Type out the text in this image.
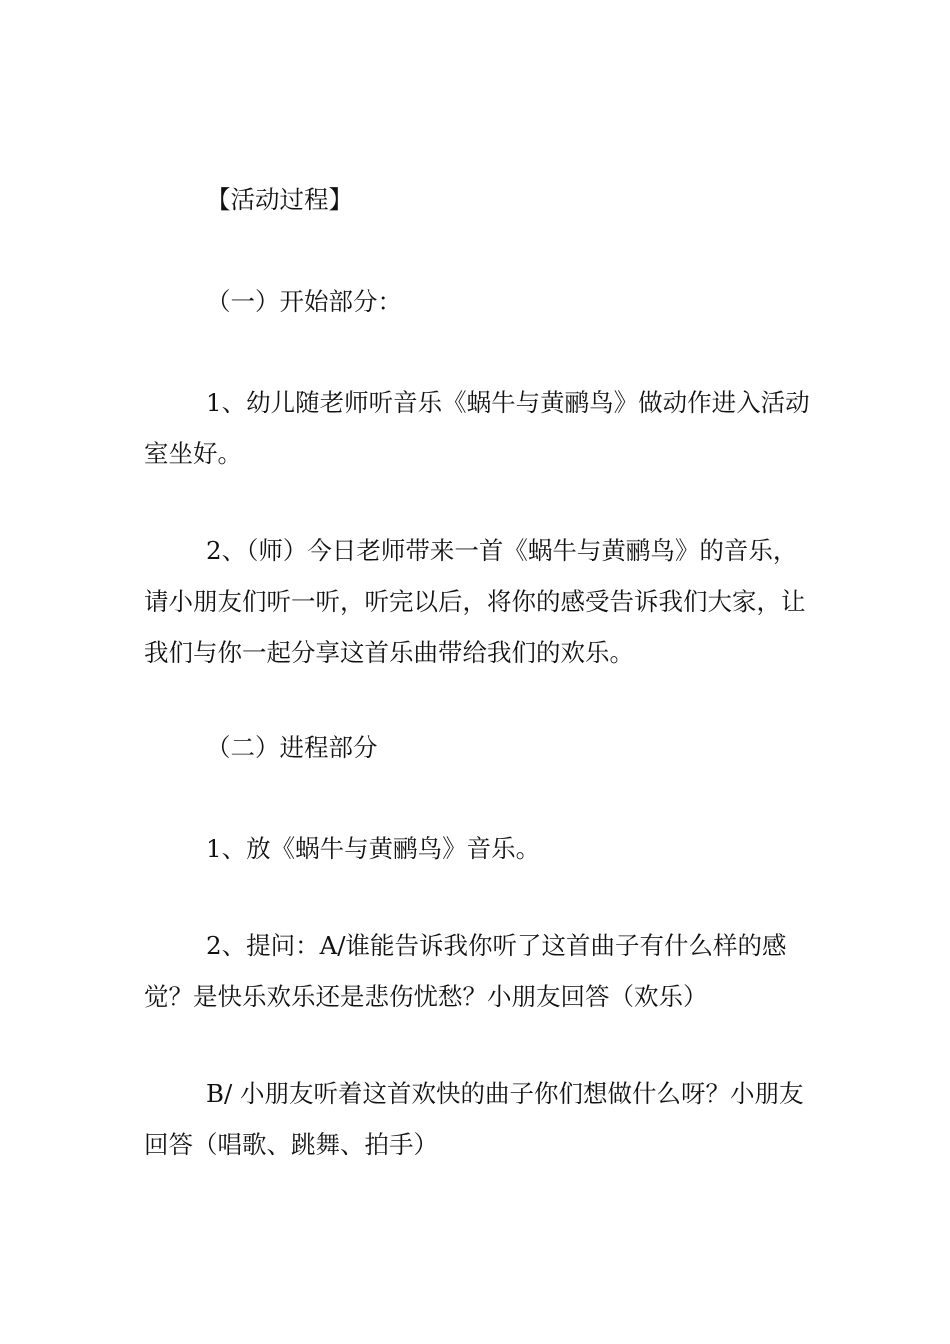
【活动过程】

（一）开始部分：

1、幼儿随老师听音乐《蜗牛与黄鹂鸟》做动作进入活动室坐好。

2、（师）今日老师带来一首《蜗牛与黄鹂鸟》的音乐，请小朋友们听一听，听完以后，将你的感受告诉我们大家，让我们与你一起分享这首乐曲带给我们的欢乐。

（二）进程部分

1、放《蜗牛与黄鹂鸟》音乐。

2、提问：A/谁能告诉我你听了这首曲子有什么样的感觉？是快乐欢乐还是悲伤忧愁？小朋友回答（欢乐）

B/ 小朋友听着这首欢快的曲子你们想做什么呀？小朋友回答（唱歌、跳舞、拍手）
